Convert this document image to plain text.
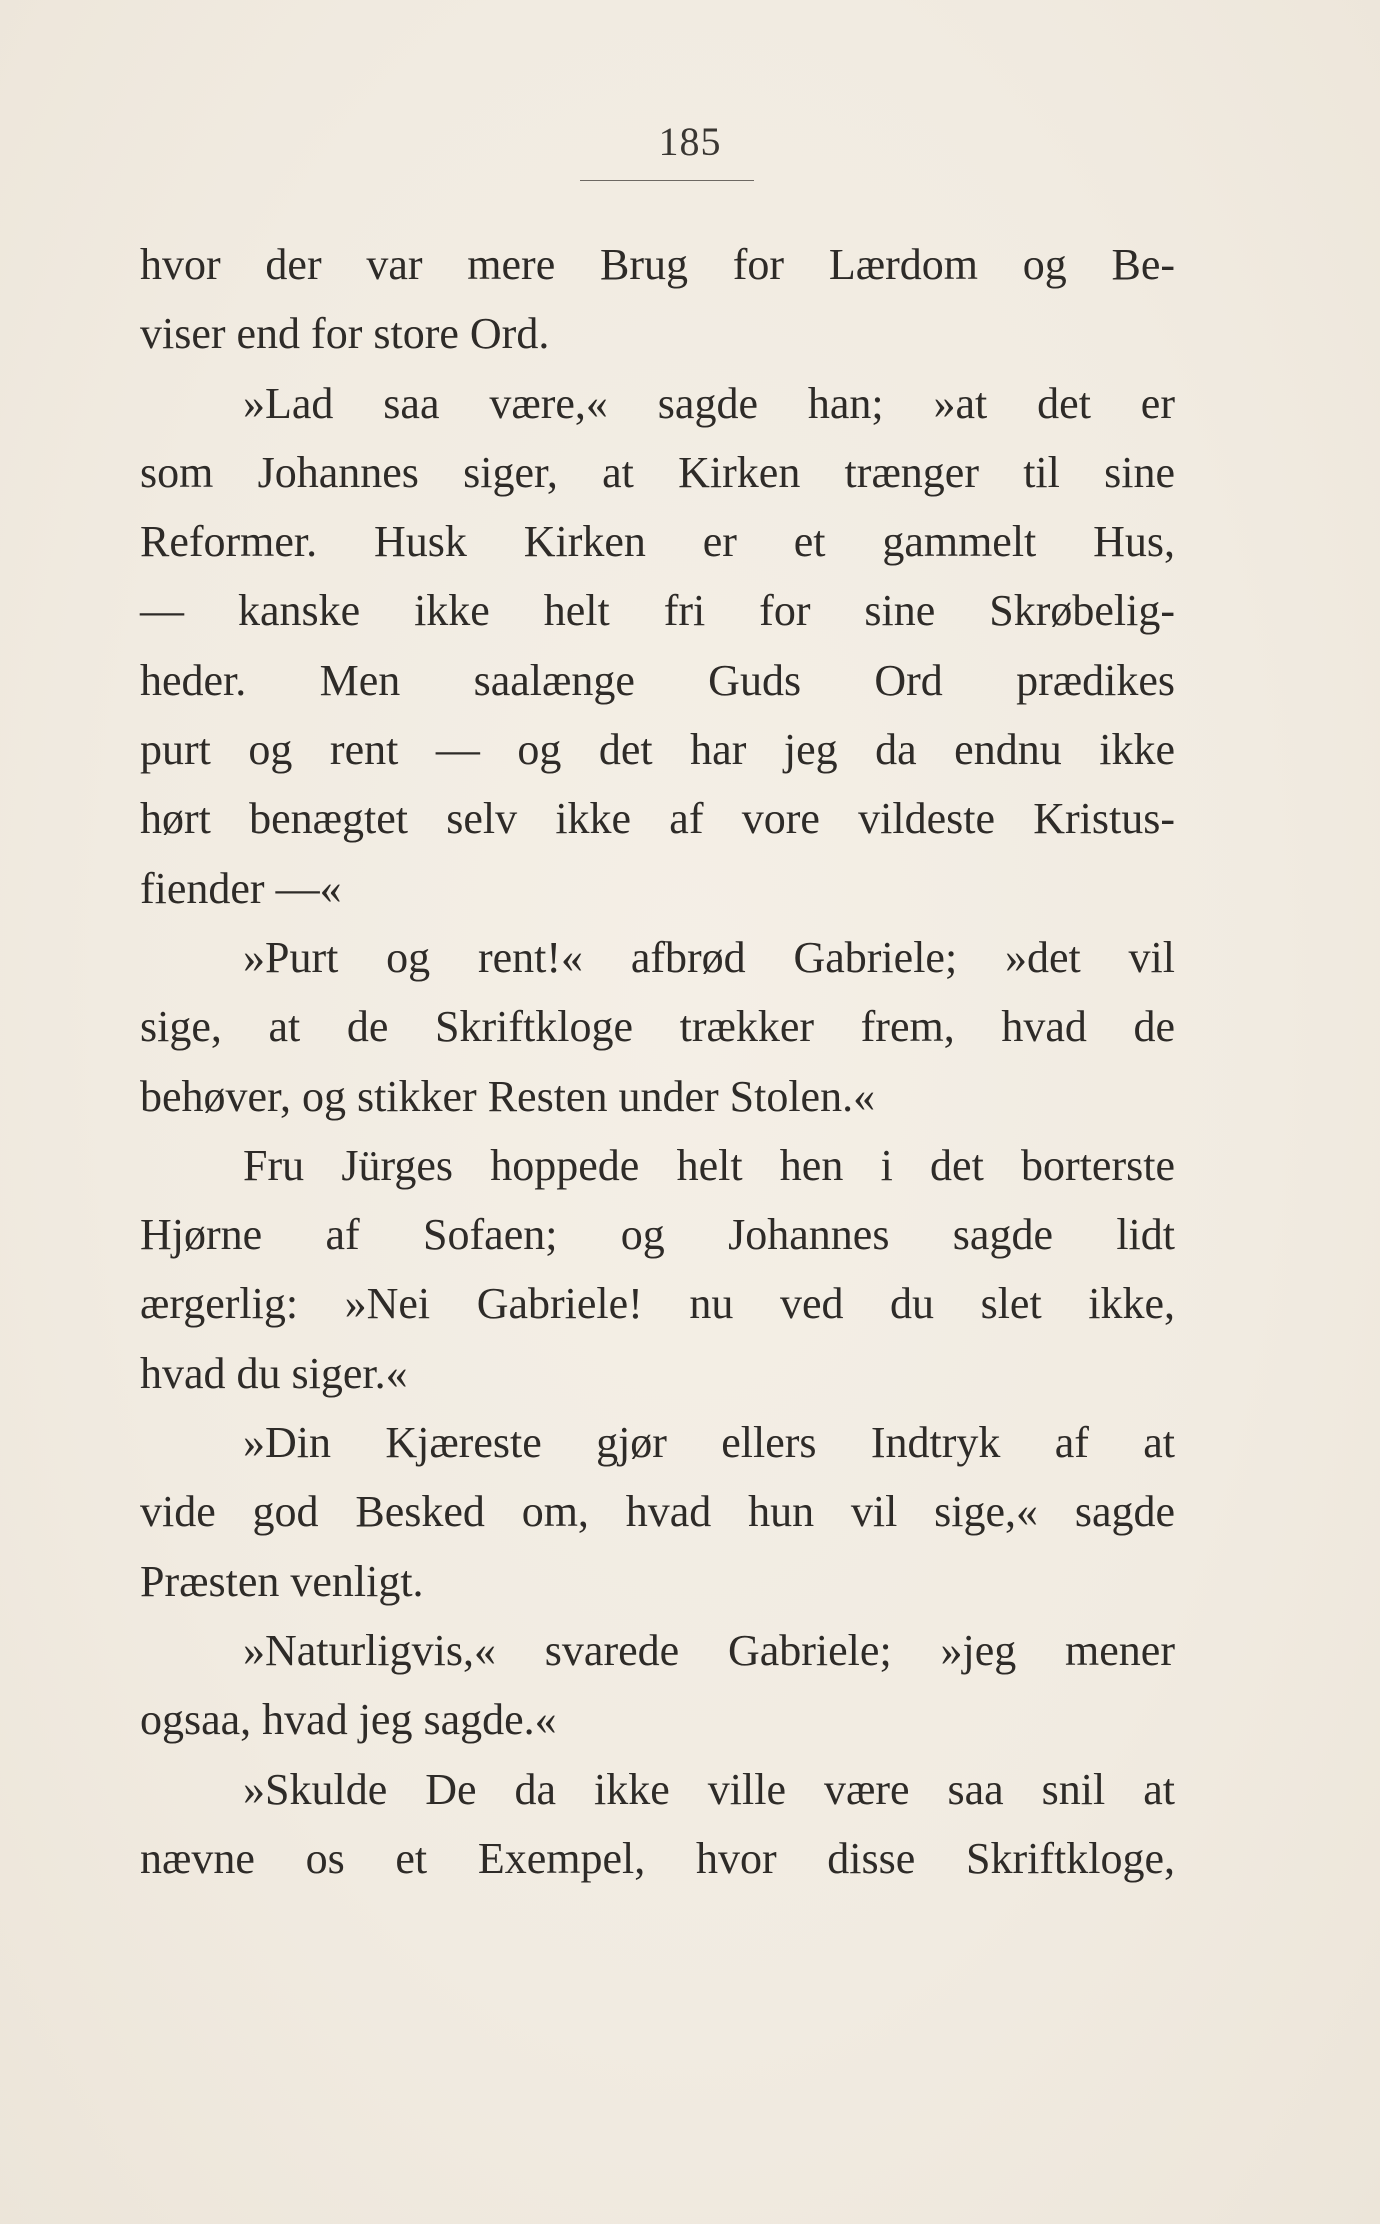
185
hvor der var mere Brug for Lærdom og Be-
viser end for store Ord.
»Lad saa være,« sagde han; »at det er
som Johannes siger, at Kirken trænger til sine
Reformer. Husk Kirken er et gammelt Hus,
— kanske ikke helt fri for sine Skrøbelig-
heder. Men saalænge Guds Ord prædikes
purt og rent — og det har jeg da endnu ikke
hørt benægtet selv ikke af vore vildeste Kristus-
fiender —«
»Purt og rent!« afbrød Gabriele; »det vil
sige, at de Skriftkloge trækker frem, hvad de
behøver, og stikker Resten under Stolen.«
Fru Jürges hoppede helt hen i det borterste
Hjørne af Sofaen; og Johannes sagde lidt
ærgerlig: »Nei Gabriele! nu ved du slet ikke,
hvad du siger.«
»Din Kjæreste gjør ellers Indtryk af at
vide god Besked om, hvad hun vil sige,« sagde
Præsten venligt.
»Naturligvis,« svarede Gabriele; »jeg mener
ogsaa, hvad jeg sagde.«
»Skulde De da ikke ville være saa snil at
nævne os et Exempel, hvor disse Skriftkloge,
